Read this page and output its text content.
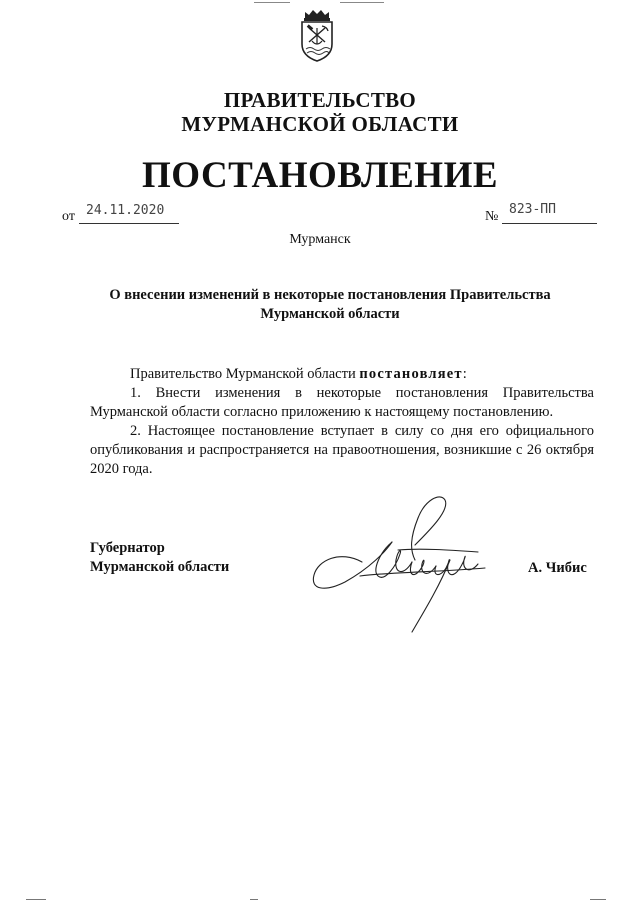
ПРАВИТЕЛЬСТВО
МУРМАНСКОЙ ОБЛАСТИ
ПОСТАНОВЛЕНИЕ
от 24.11.2020	№ 823-ПП
Мурманск
О внесении изменений в некоторые постановления Правительства
Мурманской области
Правительство Мурманской области постановляет:
1. Внести изменения в некоторые постановления Правительства Мурманской области согласно приложению к настоящему постановлению.
2. Настоящее постановление вступает в силу со дня его официального опубликования и распространяется на правоотношения, возникшие с 26 октября 2020 года.
Губернатор
Мурманской области	А. Чибис
